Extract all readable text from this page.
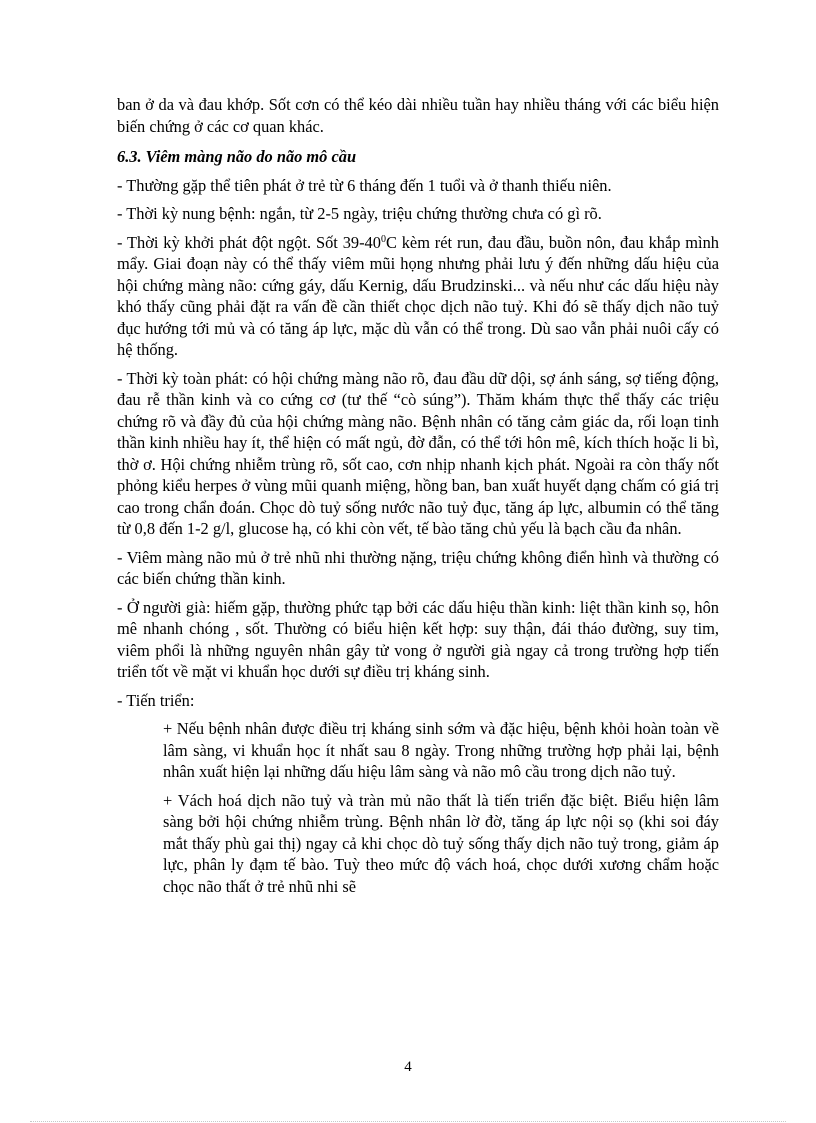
ban ở da và đau khớp. Sốt cơn có thể kéo dài nhiều tuần hay nhiều tháng với các biểu hiện biến chứng ở các cơ quan khác.

6.3. Viêm màng não do não mô cầu

- Thường gặp thể tiên phát ở trẻ từ 6 tháng đến 1 tuổi và ở thanh thiếu niên.

- Thời kỳ nung bệnh: ngắn, từ 2-5 ngày, triệu chứng thường chưa có gì rõ.

- Thời kỳ khởi phát đột ngột. Sốt $39-40^0C$ kèm rét run, đau đầu, buồn nôn, đau khắp mình mẩy. Giai đoạn này có thể thấy viêm mũi họng nhưng phải lưu ý đến những dấu hiệu của hội chứng màng não: cứng gáy, dấu Kernig, dấu Brudzinski... và nếu như các dấu hiệu này khó thấy cũng phải đặt ra vấn đề cần thiết chọc dịch não tuỷ. Khi đó sẽ thấy dịch não tuỷ đục hướng tới mủ và có tăng áp lực, mặc dù vẫn có thể trong. Dù sao vẫn phải nuôi cấy có hệ thống.

- Thời kỳ toàn phát: có hội chứng màng não rõ, đau đầu dữ dội, sợ ánh sáng, sợ tiếng động, đau rễ thần kinh và co cứng cơ (tư thế “cò súng”). Thăm khám thực thể thấy các triệu chứng rõ và đầy đủ của hội chứng màng não. Bệnh nhân có tăng cảm giác da, rối loạn tinh thần kinh nhiều hay ít, thể hiện có mất ngủ, đờ đẫn, có thể tới hôn mê, kích thích hoặc li bì, thờ ơ. Hội chứng nhiễm trùng rõ, sốt cao, cơn nhịp nhanh kịch phát. Ngoài ra còn thấy nốt phỏng kiểu herpes ở vùng mũi quanh miệng, hồng ban, ban xuất huyết dạng chấm có giá trị cao trong chẩn đoán. Chọc dò tuỷ sống nước não tuỷ đục, tăng áp lực, albumin có thể tăng từ 0,8 đến 1-2 g/l, glucose hạ, có khi còn vết, tế bào tăng chủ yếu là bạch cầu đa nhân.

- Viêm màng não mủ ở trẻ nhũ nhi thường nặng, triệu chứng không điển hình và thường có các biến chứng thần kinh.

- Ở người già: hiếm gặp, thường phức tạp bởi các dấu hiệu thần kinh: liệt thần kinh sọ, hôn mê nhanh chóng , sốt. Thường có biểu hiện kết hợp: suy thận, đái tháo đường, suy tim, viêm phổi là những nguyên nhân gây tử vong ở người già ngay cả trong trường hợp tiến triển tốt về mặt vi khuẩn học dưới sự điều trị kháng sinh.

- Tiến triển:

+ Nếu bệnh nhân được điều trị kháng sinh sớm và đặc hiệu, bệnh khỏi hoàn toàn về lâm sàng, vi khuẩn học ít nhất sau 8 ngày. Trong những trường hợp phải lại, bệnh nhân xuất hiện lại những dấu hiệu lâm sàng và não mô cầu trong dịch não tuỷ.

+ Vách hoá dịch não tuỷ và tràn mủ não thất là tiến triển đặc biệt. Biểu hiện lâm sàng bởi hội chứng nhiễm trùng. Bệnh nhân lờ đờ, tăng áp lực nội sọ (khi soi đáy mắt thấy phù gai thị) ngay cả khi chọc dò tuỷ sống thấy dịch não tuỷ trong, giảm áp lực, phân ly đạm tế bào. Tuỳ theo mức độ vách hoá, chọc dưới xương chẩm hoặc chọc não thất ở trẻ nhũ nhi sẽ

4
